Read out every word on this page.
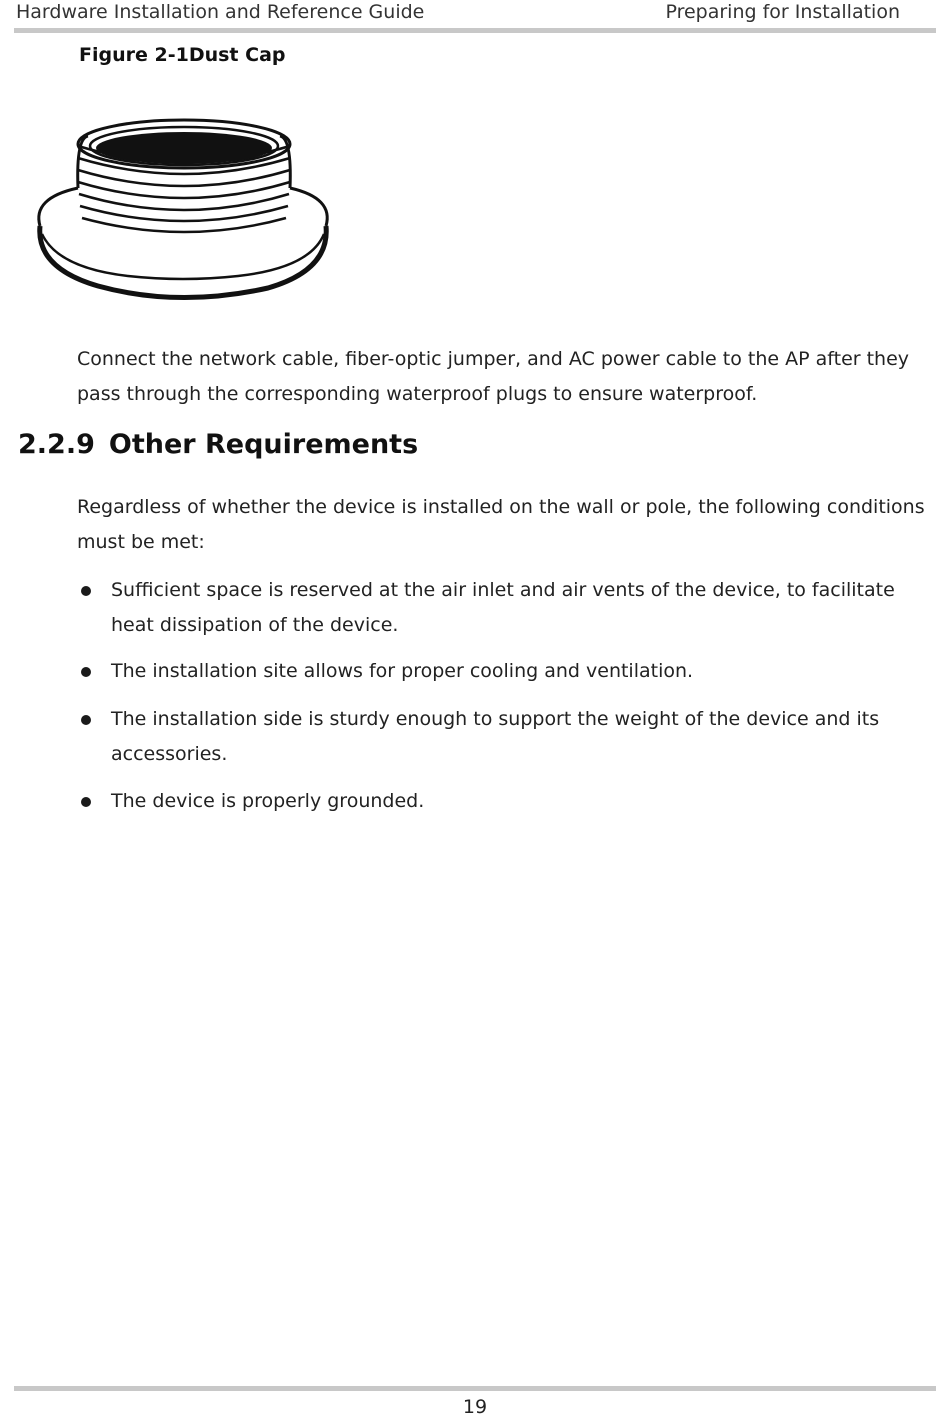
Hardware Installation and Reference Guide	Preparing for Installation
Figure 2-1Dust Cap

Connect the network cable, fiber-optic jumper, and AC power cable to the AP after they pass through the corresponding waterproof plugs to ensure waterproof.

2.2.9 Other Requirements

Regardless of whether the device is installed on the wall or pole, the following conditions must be met:

Sufficient space is reserved at the air inlet and air vents of the device, to facilitate heat dissipation of the device.
The installation site allows for proper cooling and ventilation.
The installation side is sturdy enough to support the weight of the device and its accessories.
The device is properly grounded.
19
